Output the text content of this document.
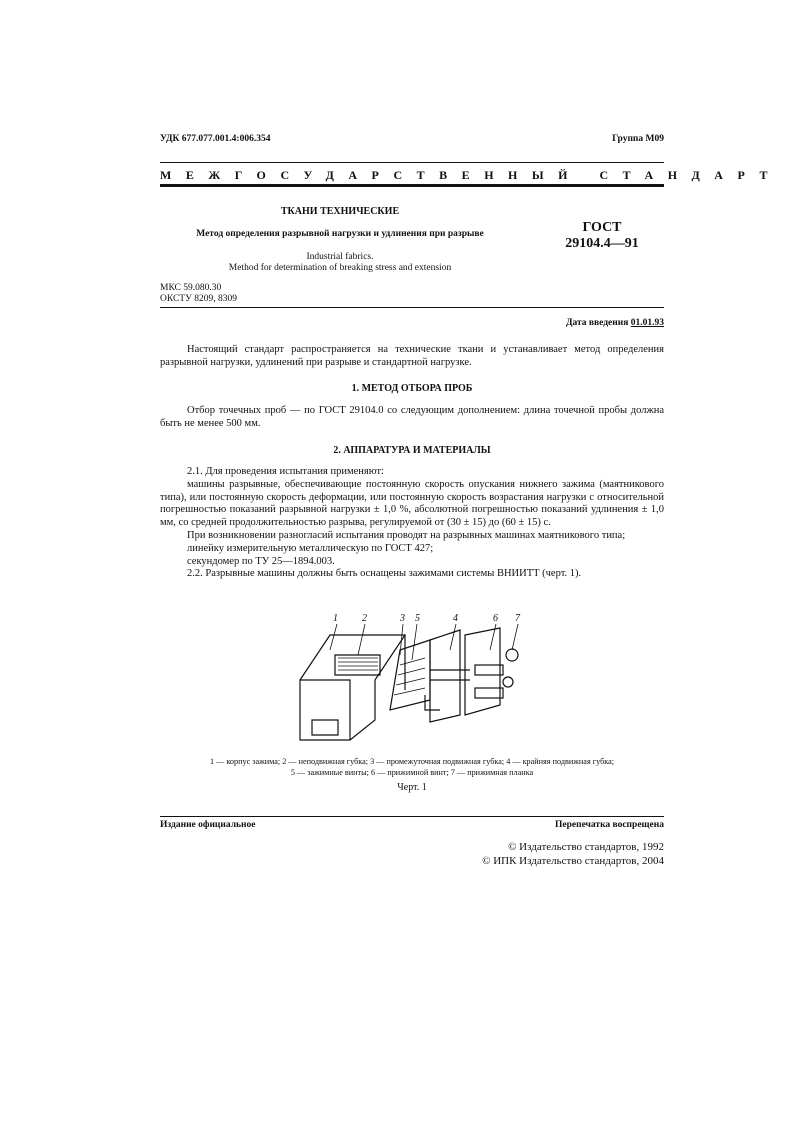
УДК 677.077.001.4:006.354	Группа М09
МЕЖГОСУДАРСТВЕННЫЙ СТАНДАРТ
ТКАНИ ТЕХНИЧЕСКИЕ
Метод определения разрывной нагрузки и удлинения при разрыве
Industrial fabrics.
Method for determination of breaking stress and extension
ГОСТ
29104.4—91
МКС 59.080.30
ОКСТУ 8209, 8309
Дата введения 01.01.93

Настоящий стандарт распространяется на технические ткани и устанавливает метод определения разрывной нагрузки, удлинений при разрыве и стандартной нагрузке.

1. МЕТОД ОТБОРА ПРОБ

Отбор точечных проб — по ГОСТ 29104.0 со следующим дополнением: длина точечной пробы должна быть не менее 500 мм.

2. АППАРАТУРА И МАТЕРИАЛЫ

2.1. Для проведения испытания применяют:

машины разрывные, обеспечивающие постоянную скорость опускания нижнего зажима (маятникового типа), или постоянную скорость деформации, или постоянную скорость возрастания нагрузки с относительной погрешностью показаний разрывной нагрузки ± 1,0 %, абсолютной погрешностью показаний удлинения ± 1,0 мм, со средней продолжительностью разрыва, регулируемой от (30 ± 15) до (60 ± 15) с.

При возникновении разногласий испытания проводят на разрывных машинах маятникового типа;

линейку измерительную металлическую по ГОСТ 427;

секундомер по ТУ 25—1894.003.

2.2. Разрывные машины должны быть оснащены зажимами системы ВНИИТТ (черт. 1).

1 2	3 5	4	6 7
1 — корпус зажима; 2 — неподвижная губка; 3 — промежуточная подвижная губка; 4 — крайняя подвижная губка;
5 — зажимные винты; 6 — прижимной винт; 7 — прижимная планка
Черт. 1
Издание официальное	Перепечатка воспрещена
© Издательство стандартов, 1992
© ИПК Издательство стандартов, 2004
